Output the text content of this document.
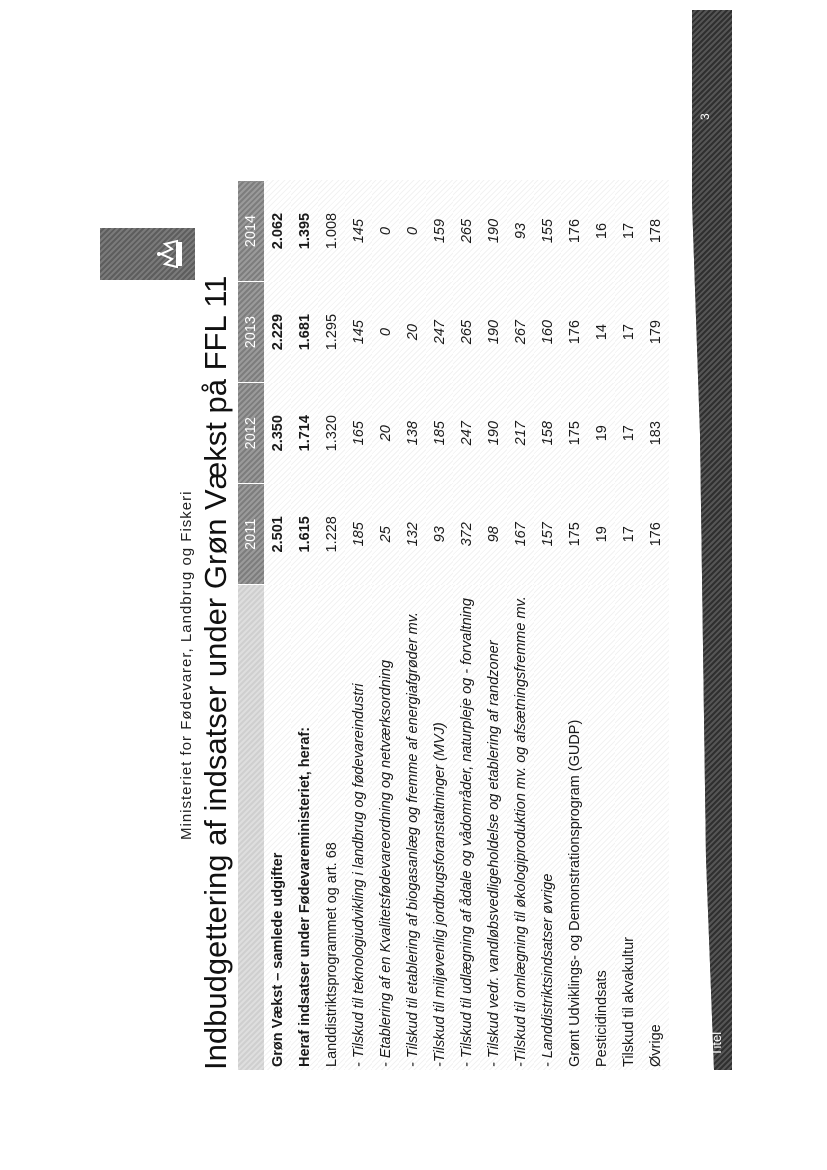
Ministeriet for Fødevarer, Landbrug og Fiskeri Indbudgettering af indsatser under Grøn Vækst på FFL 11
	2011	2012	2013	2014
Grøn Vækst – samlede udgifter	2.501	2.350	2.229	2.062
Heraf indsatser under Fødevareministeriet, heraf:	1.615	1.714	1.681	1.395
Landdistriktsprogrammet og art. 68	1.228	1.320	1.295	1.008
- Tilskud til teknologiudvikling i landbrug og fødevareindustri	185	165	145	145
- Etablering af en Kvalitetsfødevareordning og netværksordning	25	20	0	0
- Tilskud til etablering af biogasanlæg og fremme af energiafgrøder mv.	132	138	20	0
-Tilskud til miljøvenlig jordbrugsforanstaltninger (MVJ)	93	185	247	159
- Tilskud til udlægning af ådale og vådområder, naturpleje og - forvaltning	372	247	265	265
- Tilskud vedr. vandløbsvedligeholdelse og etablering af randzoner	98	190	190	190
-Tilskud til omlægning til økologiproduktion mv. og afsætningsfremme mv.	167	217	267	93
- Landdistriktsindsatser øvrige	157	158	160	155
Grønt Udviklings- og Demonstrationsprogram (GUDP)	175	175	176	176
Pesticidindsats	19	19	14	16
Tilskud til akvakultur	17	17	17	17
Øvrige	176	183	179	178
Titel
3
